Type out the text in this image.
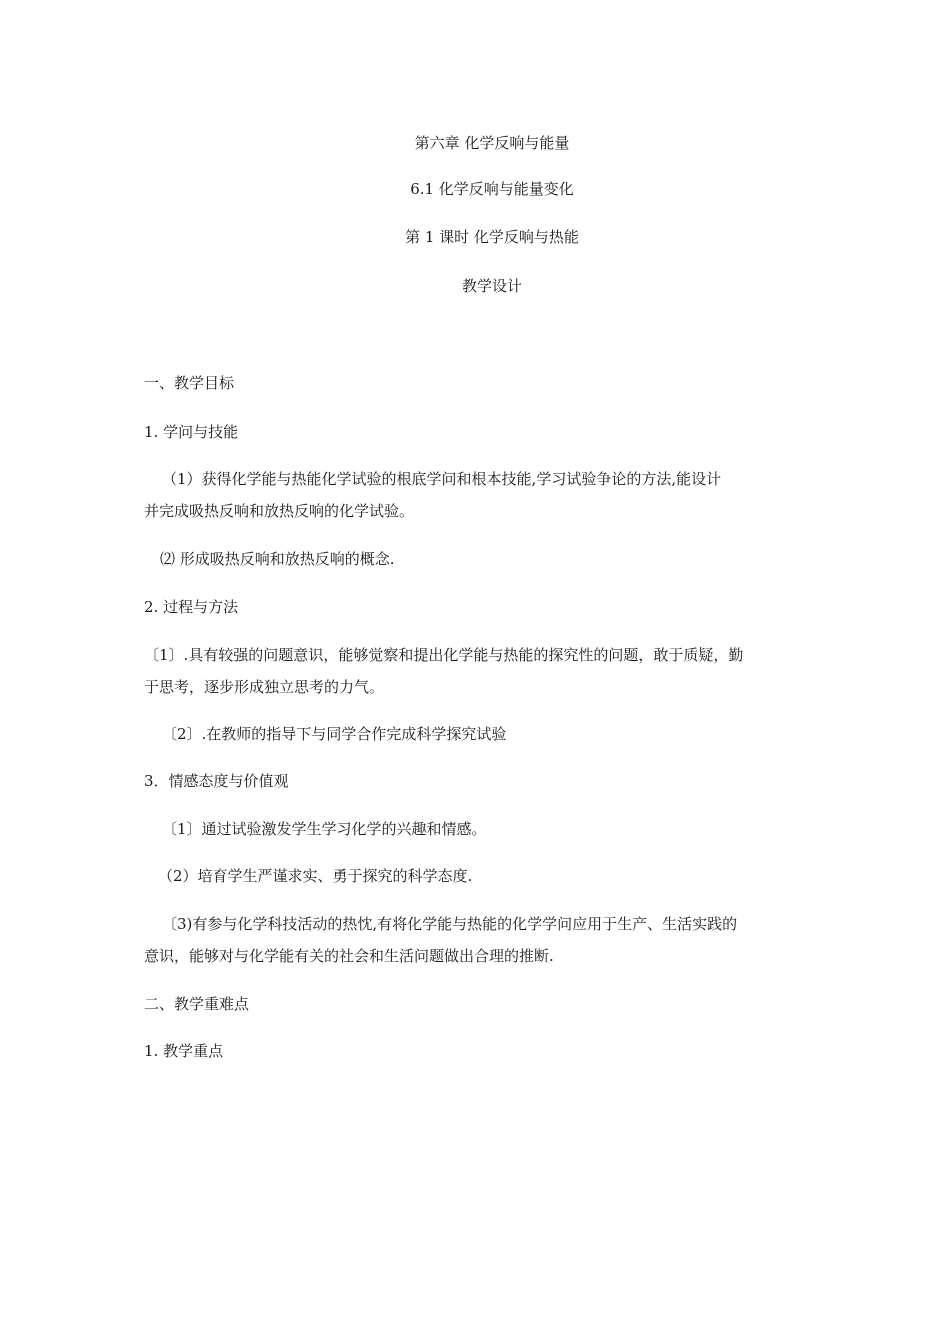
第六章 化学反响与能量
6.1 化学反响与能量变化
第 1 课时 化学反响与热能
教学设计
一、教学目标
1. 学问与技能
（1）获得化学能与热能化学试验的根底学问和根本技能,学习试验争论的方法,能设计
并完成吸热反响和放热反响的化学试验。
⑵ 形成吸热反响和放热反响的概念.
2. 过程与方法
〔1〕.具有较强的问题意识，能够觉察和提出化学能与热能的探究性的问题，敢于质疑，勤
于思考，逐步形成独立思考的力气。
〔2〕.在教师的指导下与同学合作完成科学探究试验
3．情感态度与价值观
〔1〕通过试验激发学生学习化学的兴趣和情感。
（2）培育学生严谨求实、勇于探究的科学态度.
〔3)有参与化学科技活动的热忱,有将化学能与热能的化学学问应用于生产、生活实践的
意识，能够对与化学能有关的社会和生活问题做出合理的推断.
二、教学重难点
1. 教学重点
